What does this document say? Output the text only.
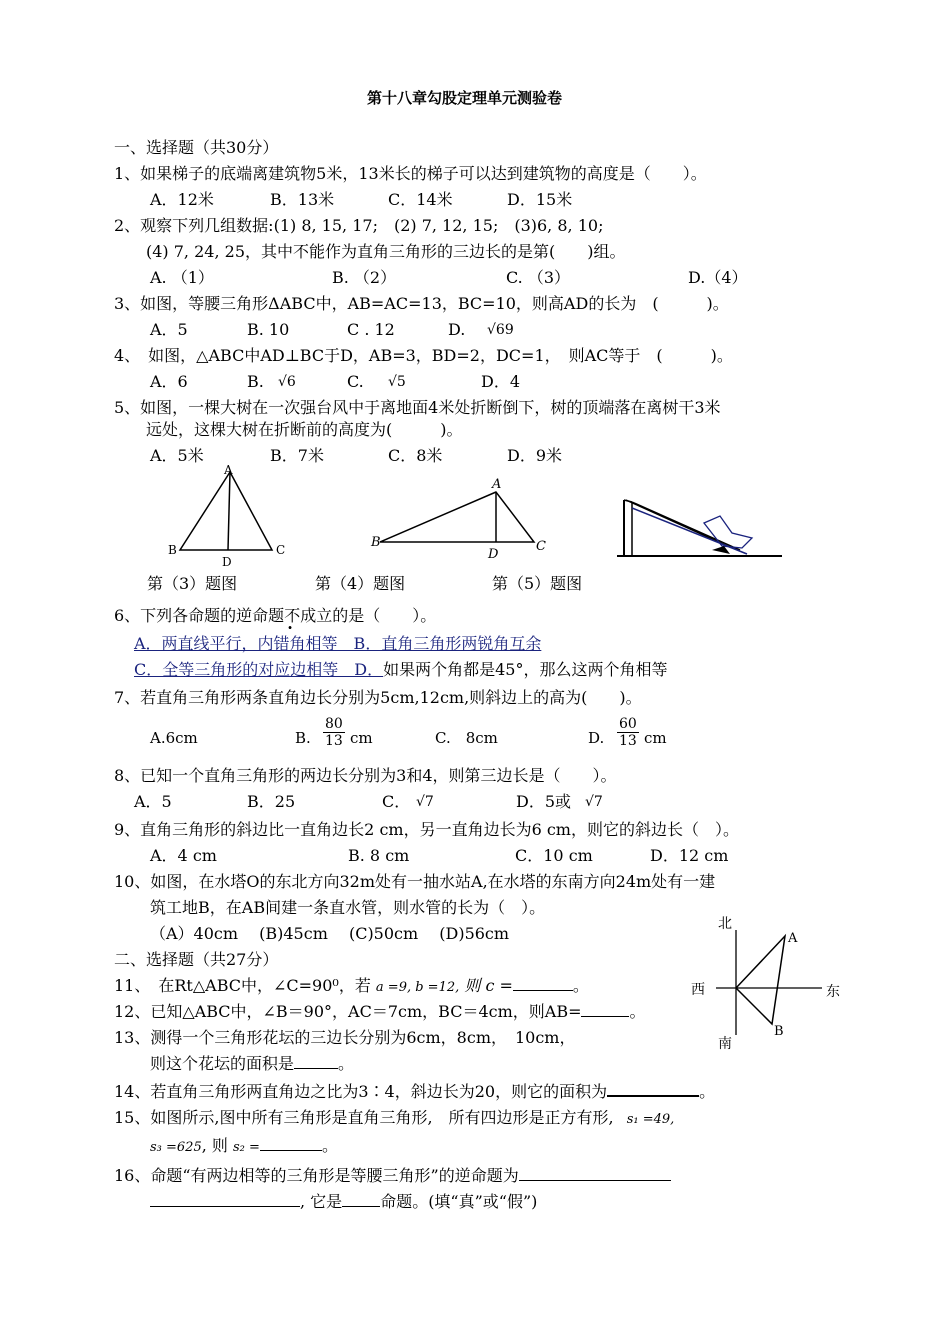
第十八章勾股定理单元测验卷
一、选择题（共30分）
1、如果梯子的底端离建筑物5米，13米长的梯子可以达到建筑物的高度是（　　）。
A．12米	B．13米	C．14米	D．15米
2、观察下列几组数据:(1) 8, 15, 17;　(2) 7, 12, 15;　(3)6, 8, 10;
(4) 7, 24, 25，其中不能作为直角三角形的三边长的是第(　　)组。
A. （1）	B. （2）	C. （3）	D.（4）
3、如图，等腰三角形ΔABC中，AB=AC=13，BC=10，则高AD的长为　(　　　)。
A．5	B. 10	C . 12	D. √69
4、　如图，△ABC中AD⊥BC于D，AB=3，BD=2，DC=1，　则AC等于　(　　　)。
A．6	B. √6	C. √5	D．4
5、如图，一棵大树在一次强台风中于离地面4米处折断倒下，树的顶端落在离树干3米
远处，这棵大树在折断前的高度为(　　　)。
A．5米	B．7米	C．8米	D．9米
A
B
D
C
A
B
D
C
第（3）题图	第（4）题图	第（5）题图
6、下列各命题的逆命题不成立的是（　　）。
A．两直线平行，内错角相等　B．直角三角形两锐角互余
C．全等三角形的对应边相等　D．如果两个角都是45°，那么这两个角相等
7、若直角三角形两条直角边长分别为5cm,12cm,则斜边上的高为(　　)。
A.6cm	B. $\frac{80}{13}$ cm	C.　8cm	D. $\frac{60}{13}$ cm
8、已知一个直角三角形的两边长分别为3和4，则第三边长是（　　）。
A．5	B．25	C． √7	D．5或 √7
9、直角三角形的斜边比一直角边长2 cm，另一直角边长为6 cm，则它的斜边长（　）。
A．4 cm	B. 8 cm	C．10 cm	D．12 cm
10、如图，在水塔O的东北方向32m处有一抽水站A,在水塔的东南方向24m处有一建
筑工地B，在AB间建一条直水管，则水管的长为（　）。
（A）40cm　 (B)45cm　 (C)50cm　 (D)56cm	北
南
西	东
A
B
二、选择题（共27分）
11、　在Rt△ABC中，∠C=90⁰，若 a =9, b =12, 则 c =	。
12、已知△ABC中，∠B＝90°，AC＝7cm，BC＝4cm，则AB=	。
13、测得一个三角形花坛的三边长分别为6cm，8cm，　10cm，
则这个花坛的面积是	。
14、若直角三角形两直角边之比为3∶4，斜边长为20，则它的面积为	。
15、如图所示,图中所有三角形是直角三角形,　所有四边形是正方有形, s₁ =49,
s₃ =625, 则 s₂ =	。
16、命题“有两边相等的三角形是等腰三角形”的逆命题为
, 它是 命题。(填“真”或“假”)
